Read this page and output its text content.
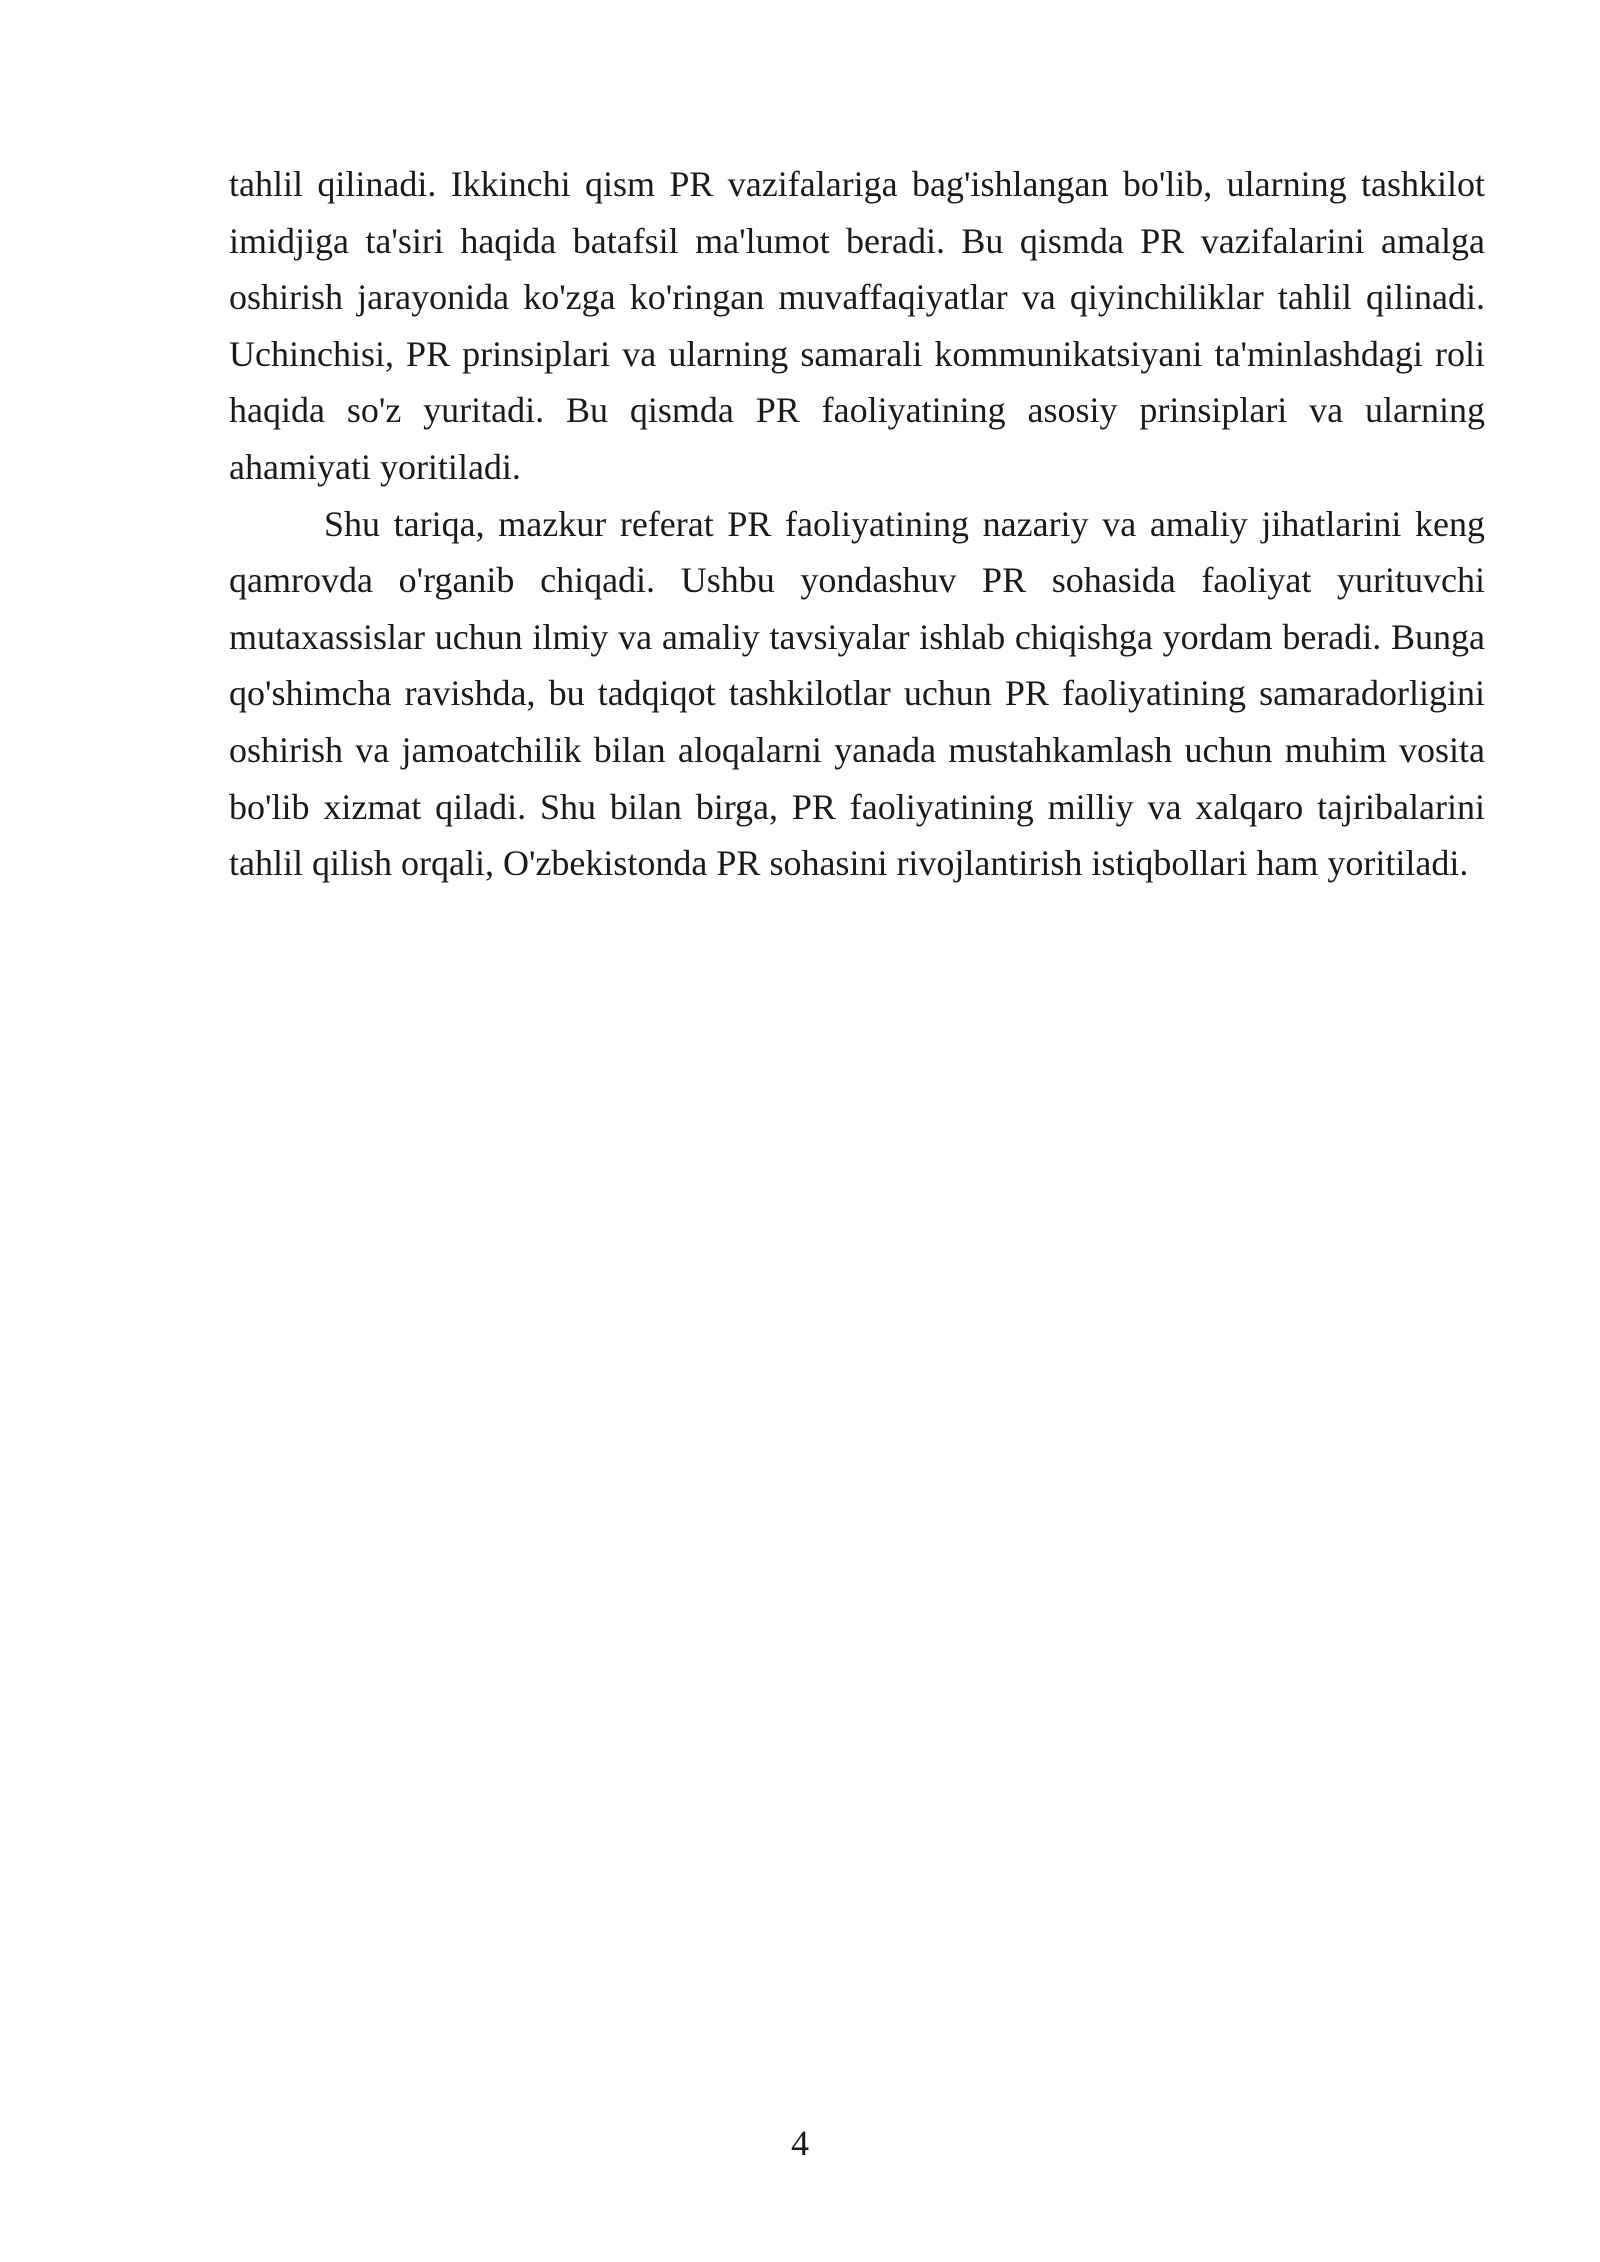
tahlil qilinadi. Ikkinchi qism PR vazifalariga bag'ishlangan bo'lib, ularning tashkilot imidjiga ta'siri haqida batafsil ma'lumot beradi. Bu qismda PR vazifalarini amalga oshirish jarayonida ko'zga ko'ringan muvaffaqiyatlar va qiyinchiliklar tahlil qilinadi. Uchinchisi, PR prinsiplari va ularning samarali kommunikatsiyani ta'minlashdagi roli haqida so'z yuritadi. Bu qismda PR faoliyatining asosiy prinsiplari va ularning ahamiyati yoritiladi.

Shu tariqa, mazkur referat PR faoliyatining nazariy va amaliy jihatlarini keng qamrovda o'rganib chiqadi. Ushbu yondashuv PR sohasida faoliyat yurituvchi mutaxassislar uchun ilmiy va amaliy tavsiyalar ishlab chiqishga yordam beradi. Bunga qo'shimcha ravishda, bu tadqiqot tashkilotlar uchun PR faoliyatining samaradorligini oshirish va jamoatchilik bilan aloqalarni yanada mustahkamlash uchun muhim vosita bo'lib xizmat qiladi. Shu bilan birga, PR faoliyatining milliy va xalqaro tajribalarini tahlil qilish orqali, O'zbekistonda PR sohasini rivojlantirish istiqbollari ham yoritiladi.

4
